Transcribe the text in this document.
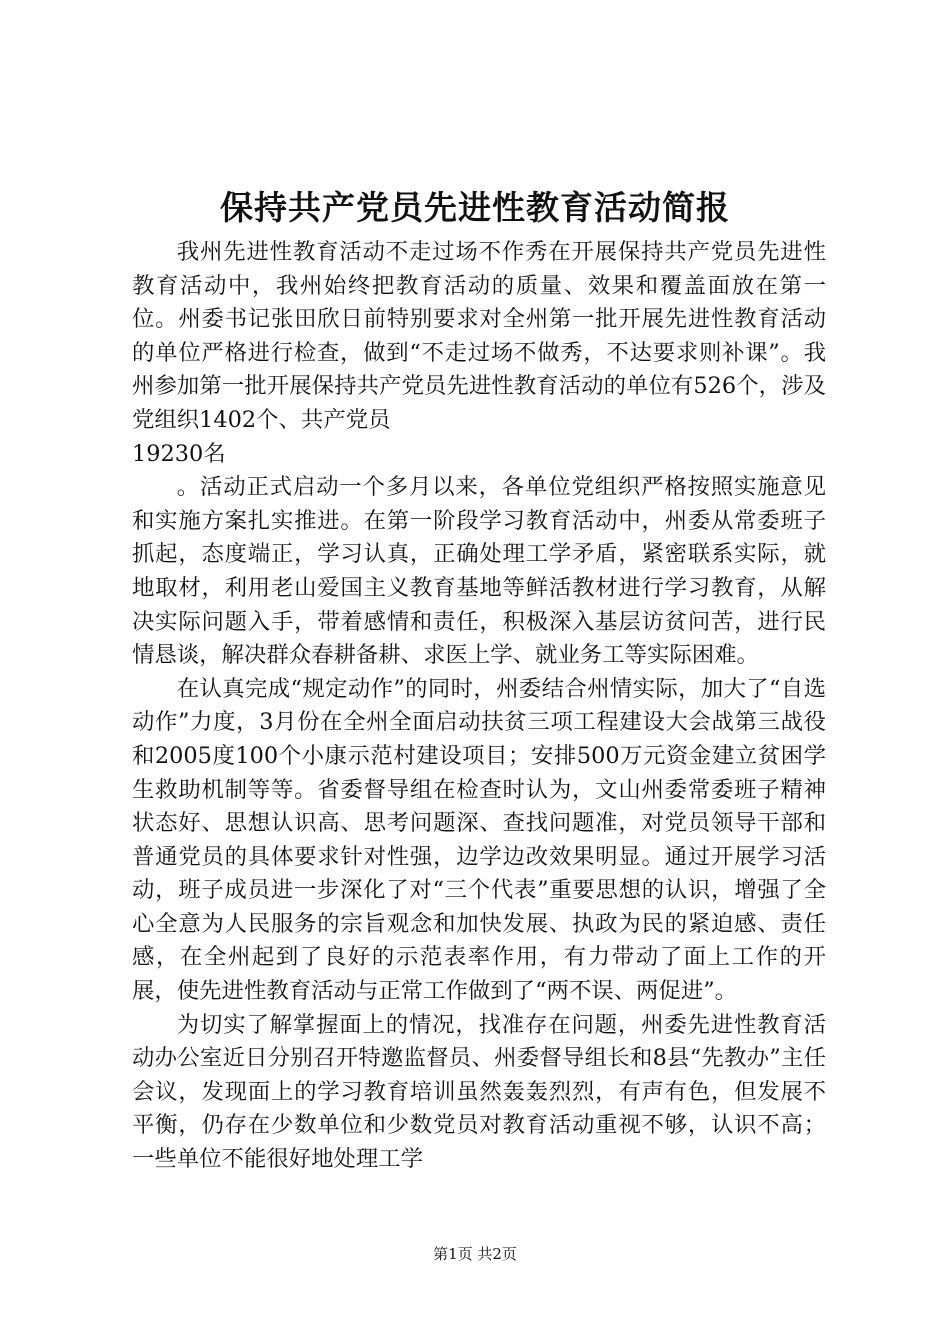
保持共产党员先进性教育活动简报

我州先进性教育活动不走过场不作秀在开展保持共产党员先进性教育活动中，我州始终把教育活动的质量、效果和覆盖面放在第一位。州委书记张田欣日前特别要求对全州第一批开展先进性教育活动的单位严格进行检查，做到“不走过场不做秀，不达要求则补课”。我州参加第一批开展保持共产党员先进性教育活动的单位有526个，涉及党组织1402个、共产党员

19230名

。活动正式启动一个多月以来，各单位党组织严格按照实施意见和实施方案扎实推进。在第一阶段学习教育活动中，州委从常委班子抓起，态度端正，学习认真，正确处理工学矛盾，紧密联系实际，就地取材，利用老山爱国主义教育基地等鲜活教材进行学习教育，从解决实际问题入手，带着感情和责任，积极深入基层访贫问苦，进行民情恳谈，解决群众春耕备耕、求医上学、就业务工等实际困难。

在认真完成“规定动作”的同时，州委结合州情实际，加大了“自选动作”力度，3月份在全州全面启动扶贫三项工程建设大会战第三战役和2005度100个小康示范村建设项目；安排500万元资金建立贫困学生救助机制等等。省委督导组在检查时认为，文山州委常委班子精神状态好、思想认识高、思考问题深、查找问题准，对党员领导干部和普通党员的具体要求针对性强，边学边改效果明显。通过开展学习活动，班子成员进一步深化了对“三个代表”重要思想的认识，增强了全心全意为人民服务的宗旨观念和加快发展、执政为民的紧迫感、责任感，在全州起到了良好的示范表率作用，有力带动了面上工作的开展，使先进性教育活动与正常工作做到了“两不误、两促进”。

为切实了解掌握面上的情况，找准存在问题，州委先进性教育活动办公室近日分别召开特邀监督员、州委督导组长和8县“先教办”主任会议，发现面上的学习教育培训虽然轰轰烈烈，有声有色，但发展不平衡，仍存在少数单位和少数党员对教育活动重视不够，认识不高；一些单位不能很好地处理工学

第1页 共2页
